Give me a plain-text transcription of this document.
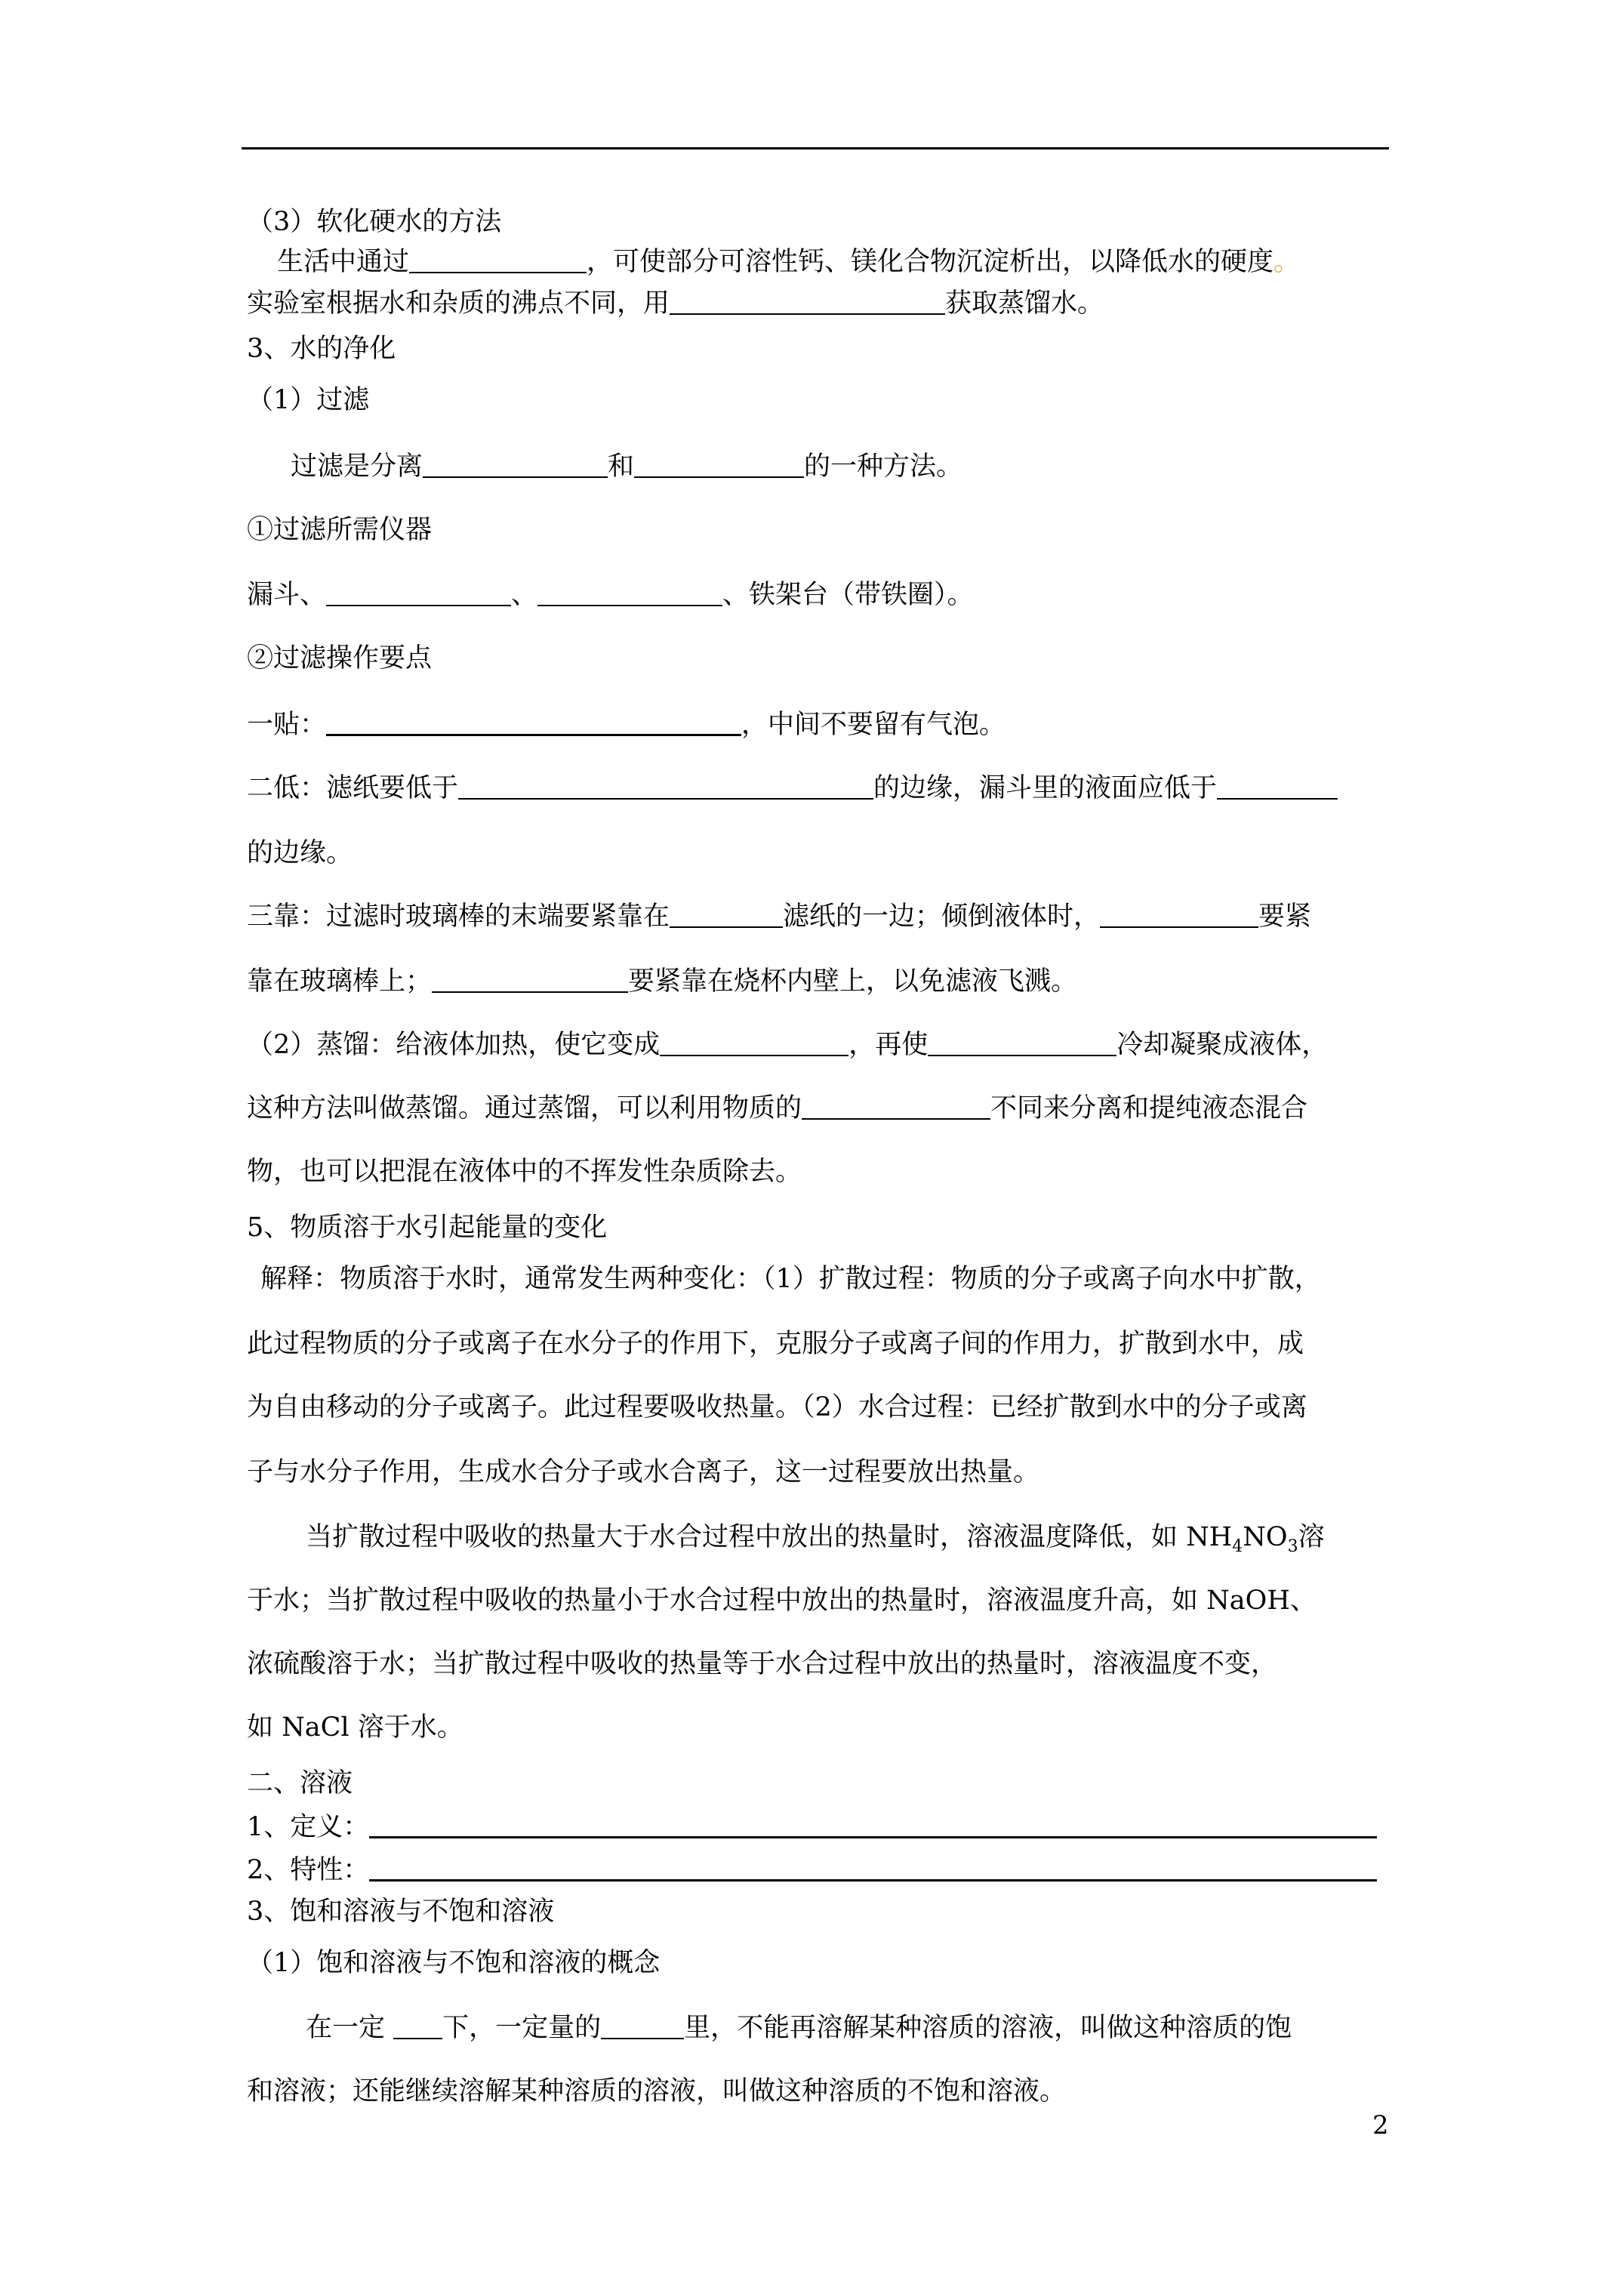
（3）软化硬水的方法
生活中通过	，可使部分可溶性钙、镁化合物沉淀析出，以降低水的硬度。
实验室根据水和杂质的沸点不同，用	获取蒸馏水。
3、水的净化
（1）过滤
过滤是分离	和	的一种方法。
①过滤所需仪器
漏斗、	、	、铁架台（带铁圈）。
②过滤操作要点
一贴：	，中间不要留有气泡。
二低：滤纸要低于	的边缘，漏斗里的液面应低于
的边缘。
三靠：过滤时玻璃棒的末端要紧靠在	滤纸的一边；倾倒液体时，	要紧
靠在玻璃棒上；	要紧靠在烧杯内壁上，以免滤液飞溅。
（2）蒸馏：给液体加热，使它变成	，再使	冷却凝聚成液体，
这种方法叫做蒸馏。通过蒸馏，可以利用物质的	不同来分离和提纯液态混合
物，也可以把混在液体中的不挥发性杂质除去。
5、物质溶于水引起能量的变化
解释：物质溶于水时，通常发生两种变化：（1）扩散过程：物质的分子或离子向水中扩散，
此过程物质的分子或离子在水分子的作用下，克服分子或离子间的作用力，扩散到水中，成
为自由移动的分子或离子。此过程要吸收热量。（2）水合过程：已经扩散到水中的分子或离
子与水分子作用，生成水合分子或水合离子，这一过程要放出热量。
当扩散过程中吸收的热量大于水合过程中放出的热量时，溶液温度降低，如 $NH_4NO_3$溶
于水；当扩散过程中吸收的热量小于水合过程中放出的热量时，溶液温度升高，如 NaOH、
浓硫酸溶于水；当扩散过程中吸收的热量等于水合过程中放出的热量时，溶液温度不变，
如 NaCl 溶于水。
二、溶液
1、定义：
2、特性：
3、饱和溶液与不饱和溶液
（1）饱和溶液与不饱和溶液的概念
在一定 下，一定量的	里，不能再溶解某种溶质的溶液，叫做这种溶质的饱
和溶液；还能继续溶解某种溶质的溶液，叫做这种溶质的不饱和溶液。
2
